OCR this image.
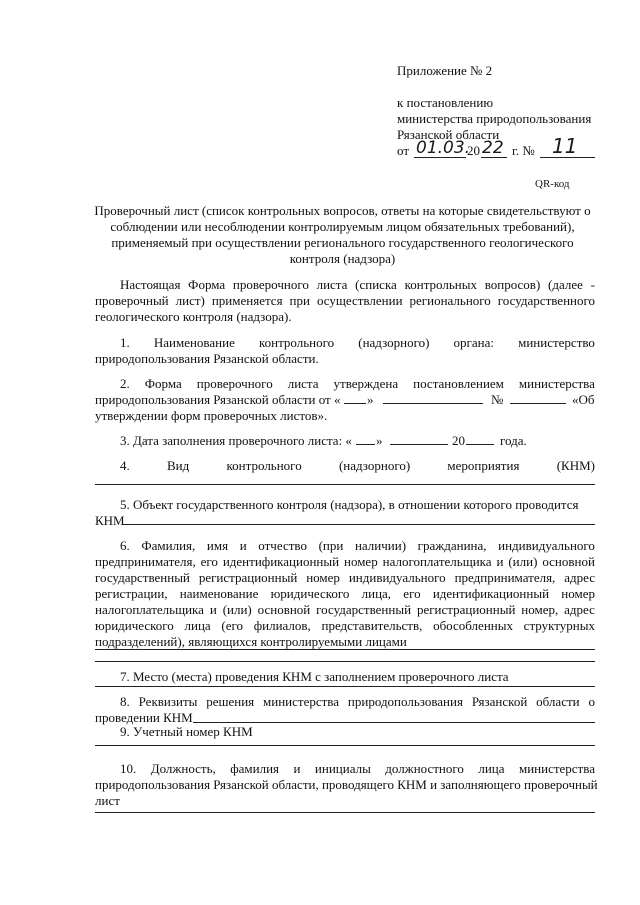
Приложение № 2
к постановлению
министерства природопользования
Рязанской области
от 01.03.
20 22 г. № 11
QR-код
Проверочный лист (список контрольных вопросов, ответы на которые свидетельствуют о
соблюдении или несоблюдении контролируемым лицом обязательных требований),
применяемый при осуществлении регионального государственного геологического
контроля (надзора)
Настоящая Форма проверочного листа (списка контрольных вопросов) (далее -
проверочный лист) применяется при осуществлении регионального государственного
геологического контроля (надзора).
1. Наименование контрольного (надзорного) органа: министерство
природопользования Рязанской области.
2. Форма проверочного листа утверждена постановлением министерства
природопользования Рязанской области от « »	№	«Об
утверждении форм проверочных листов».
3. Дата заполнения проверочного листа: « »	20	года.
4.	Вид	контрольного	(надзорного)	мероприятия	(КНМ)
5. Объект государственного контроля (надзора), в отношении которого проводится
КНМ
6. Фамилия, имя и отчество (при наличии) гражданина, индивидуального
предпринимателя, его идентификационный номер налогоплательщика и (или) основной
государственный регистрационный номер индивидуального предпринимателя, адрес
регистрации, наименование юридического лица, его идентификационный номер
налогоплательщика и (или) основной государственный регистрационный номер, адрес
юридического лица (его филиалов, представительств, обособленных структурных
подразделений), являющихся контролируемыми лицами
7. Место (места) проведения КНМ с заполнением проверочного листа
8. Реквизиты решения министерства природопользования Рязанской области о
проведении КНМ
9. Учетный номер КНМ
10. Должность, фамилия и инициалы должностного лица министерства
природопользования Рязанской области, проводящего КНМ и заполняющего проверочный
лист
